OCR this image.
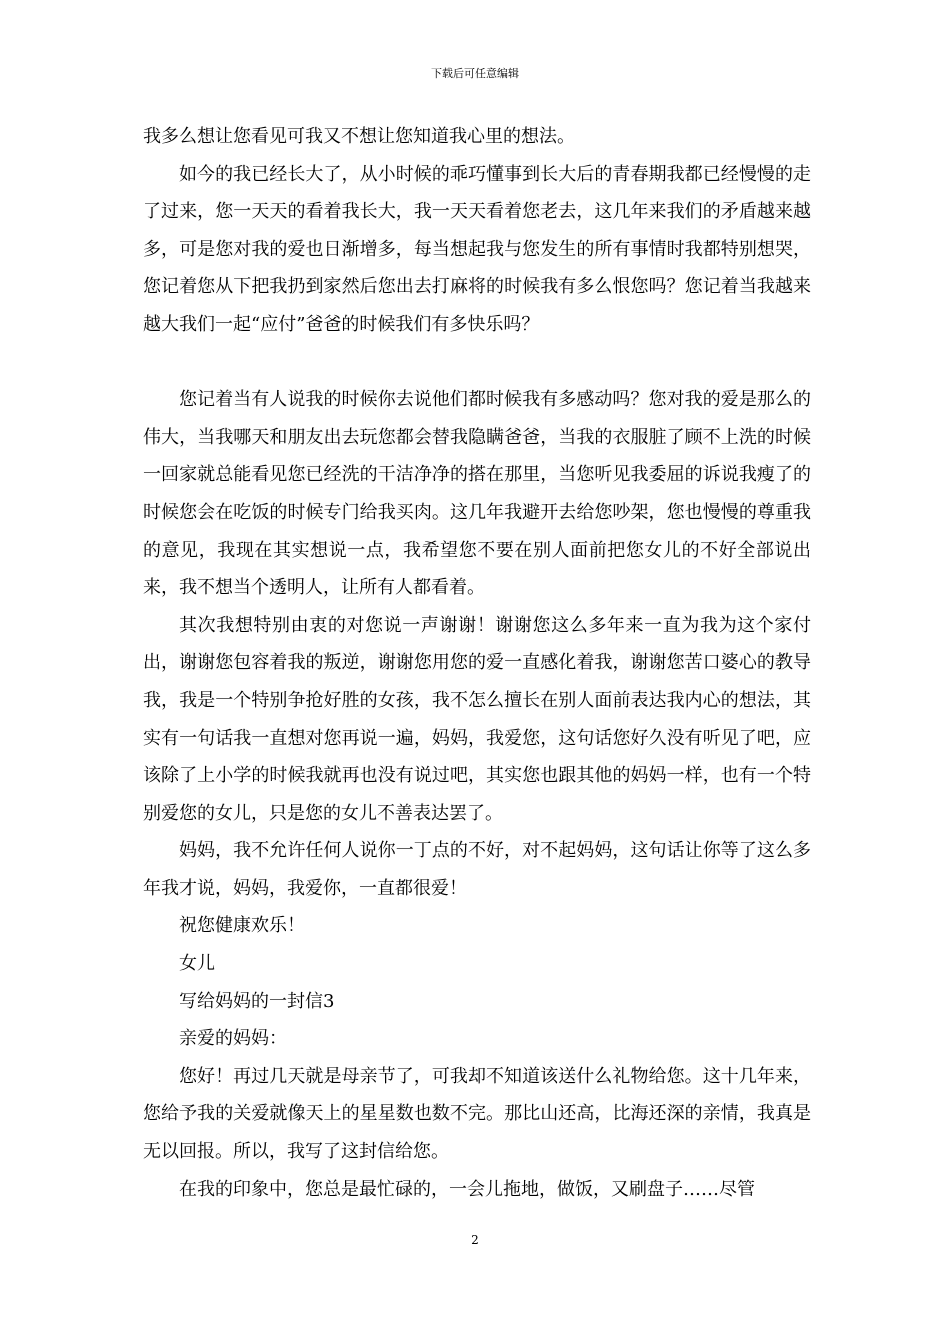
下载后可任意编辑

我多么想让您看见可我又不想让您知道我心里的想法。

如今的我已经长大了，从小时候的乖巧懂事到长大后的青春期我都已经慢慢的走了过来，您一天天的看着我长大，我一天天看着您老去，这几年来我们的矛盾越来越多，可是您对我的爱也日渐增多，每当想起我与您发生的所有事情时我都特别想哭，您记着您从下把我扔到家然后您出去打麻将的时候我有多么恨您吗？您记着当我越来越大我们一起“应付”爸爸的时候我们有多快乐吗？

您记着当有人说我的时候你去说他们都时候我有多感动吗？您对我的爱是那么的伟大，当我哪天和朋友出去玩您都会替我隐瞒爸爸，当我的衣服脏了顾不上洗的时候一回家就总能看见您已经洗的干洁净净的搭在那里，当您听见我委屈的诉说我瘦了的时候您会在吃饭的时候专门给我买肉。这几年我避开去给您吵架，您也慢慢的尊重我的意见，我现在其实想说一点，我希望您不要在别人面前把您女儿的不好全部说出来，我不想当个透明人，让所有人都看着。

其次我想特别由衷的对您说一声谢谢！谢谢您这么多年来一直为我为这个家付出，谢谢您包容着我的叛逆，谢谢您用您的爱一直感化着我，谢谢您苦口婆心的教导我，我是一个特别争抢好胜的女孩，我不怎么擅长在别人面前表达我内心的想法，其实有一句话我一直想对您再说一遍，妈妈，我爱您，这句话您好久没有听见了吧，应该除了上小学的时候我就再也没有说过吧，其实您也跟其他的妈妈一样，也有一个特别爱您的女儿，只是您的女儿不善表达罢了。

妈妈，我不允许任何人说你一丁点的不好，对不起妈妈，这句话让你等了这么多年我才说，妈妈，我爱你，一直都很爱！

祝您健康欢乐！

女儿

写给妈妈的一封信3

亲爱的妈妈：

您好！再过几天就是母亲节了，可我却不知道该送什么礼物给您。这十几年来，您给予我的关爱就像天上的星星数也数不完。那比山还高，比海还深的亲情，我真是无以回报。所以，我写了这封信给您。

在我的印象中，您总是最忙碌的，一会儿拖地，做饭，又刷盘子……尽管

2
